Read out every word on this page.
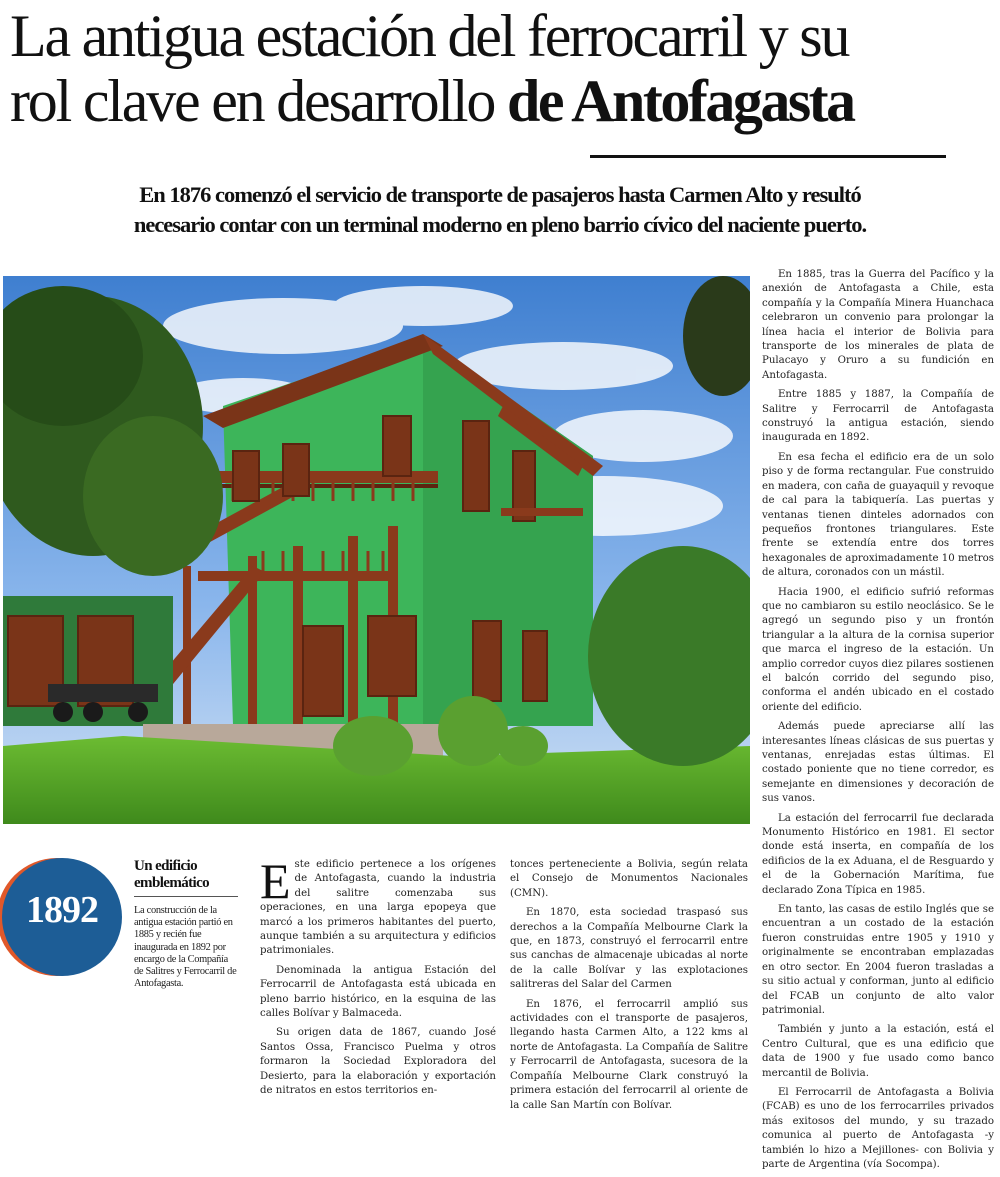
La antigua estación del ferrocarril y su
rol clave en desarrollo de Antofagasta

En 1876 comenzó el servicio de transporte de pasajeros hasta Carmen Alto y resultó
necesario contar con un terminal moderno en pleno barrio cívico del naciente puerto.

En 1885, tras la Guerra del Pacífico y la anexión de Antofagasta a Chile, esta compañía y la Compañía Minera Huanchaca celebraron un convenio para prolongar la línea hacia el interior de Bolivia para transporte de los minerales de plata de Pulacayo y Oruro a su fundición en Antofagasta.

Entre 1885 y 1887, la Compañía de Salitre y Ferrocarril de Antofagasta construyó la antigua estación, siendo inaugurada en 1892.

En esa fecha el edificio era de un solo piso y de forma rectangular. Fue construido en madera, con caña de guayaquil y revoque de cal para la tabiquería. Las puertas y ventanas tienen dinteles adornados con pequeños frontones triangulares. Este frente se extendía entre dos torres hexagonales de aproximadamente 10 metros de altura, coronados con un mástil.

Hacia 1900, el edificio sufrió reformas que no cambiaron su estilo neoclásico. Se le agregó un segundo piso y un frontón triangular a la altura de la cornisa superior que marca el ingreso de la estación. Un amplio corredor cuyos diez pilares sostienen el balcón corrido del segundo piso, conforma el andén ubicado en el costado oriente del edificio.

Además puede apreciarse allí las interesantes líneas clásicas de sus puertas y ventanas, enrejadas estas últimas. El costado poniente que no tiene corredor, es semejante en dimensiones y decoración de sus vanos.

La estación del ferrocarril fue declarada Monumento Histórico en 1981. El sector donde está inserta, en compañía de los edificios de la ex Aduana, el de Resguardo y el de la Gobernación Marítima, fue declarado Zona Típica en 1985.

En tanto, las casas de estilo Inglés que se encuentran a un costado de la estación fueron construidas entre 1905 y 1910 y originalmente se encontraban emplazadas en otro sector. En 2004 fueron trasladas a su sitio actual y conforman, junto al edificio del FCAB un conjunto de alto valor patrimonial.

También y junto a la estación, está el Centro Cultural, que es una edificio que data de 1900 y fue usado como banco mercantil de Bolivia.

El Ferrocarril de Antofagasta a Bolivia (FCAB) es uno de los ferrocarriles privados más exitosos del mundo, y su trazado comunica al puerto de Antofagasta -y también lo hizo a Mejillones- con Bolivia y parte de Argentina (vía Socompa).

1892
Un edificio emblemático

La construcción de la antigua estación partió en 1885 y recién fue inaugurada en 1892 por encargo de la Compañía de Salitres y Ferrocarril de Antofagasta.

Este edificio pertenece a los orígenes de Antofagasta, cuando la industria del salitre comenzaba sus operaciones, en una larga epopeya que marcó a los primeros habitantes del puerto, aunque también a su arquitectura y edificios patrimoniales.

Denominada la antigua Estación del Ferrocarril de Antofagasta está ubicada en pleno barrio histórico, en la esquina de las calles Bolívar y Balmaceda.

Su origen data de 1867, cuando José Santos Ossa, Francisco Puelma y otros formaron la Sociedad Exploradora del Desierto, para la elaboración y exportación de nitratos en estos territorios en-

tonces perteneciente a Bolivia, según relata el Consejo de Monumentos Nacionales (CMN).

En 1870, esta sociedad traspasó sus derechos a la Compañía Melbourne Clark la que, en 1873, construyó el ferrocarril entre sus canchas de almacenaje ubicadas al norte de la calle Bolívar y las explotaciones salitreras del Salar del Carmen

En 1876, el ferrocarril amplió sus actividades con el transporte de pasajeros, llegando hasta Carmen Alto, a 122 kms al norte de Antofagasta. La Compañía de Salitre y Ferrocarril de Antofagasta, sucesora de la Compañía Melbourne Clark construyó la primera estación del ferrocarril al oriente de la calle San Martín con Bolívar.
